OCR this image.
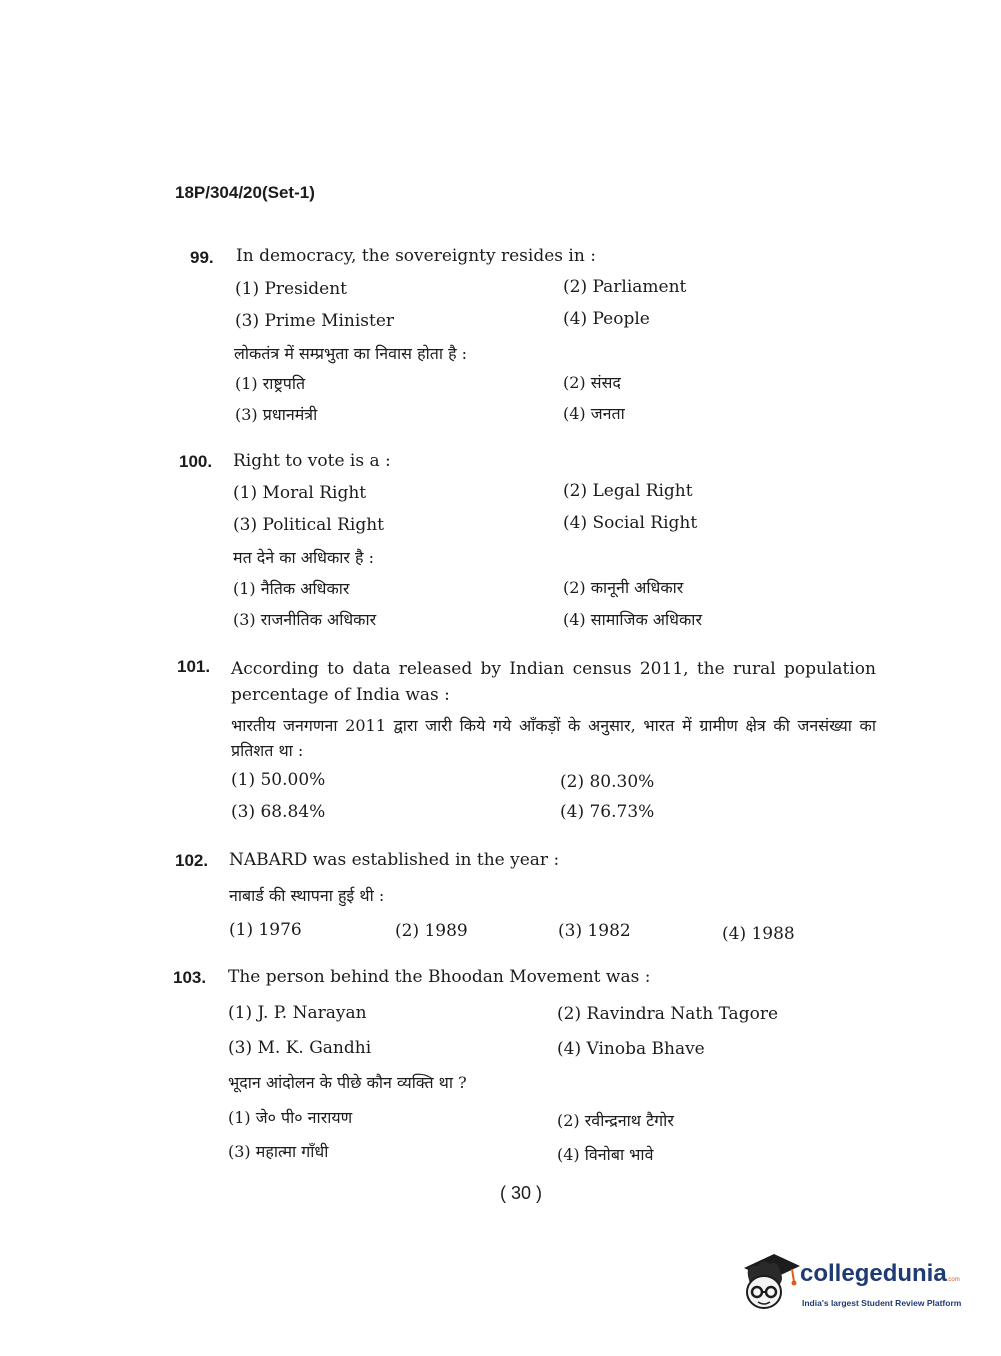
18P/304/20(Set-1)
99. In democracy, the sovereignty resides in :
(1) President	(2) Parliament
(3) Prime Minister	(4) People
लोकतंत्र में सम्प्रभुता का निवास होता है :
(1) राष्ट्रपति	(2) संसद
(3) प्रधानमंत्री	(4) जनता
100. Right to vote is a :
(1) Moral Right	(2) Legal Right
(3) Political Right	(4) Social Right
मत देने का अधिकार है :
(1) नैतिक अधिकार	(2) कानूनी अधिकार
(3) राजनीतिक अधिकार	(4) सामाजिक अधिकार
101. According to data released by Indian census 2011, the rural population percentage of India was :
भारतीय जनगणना 2011 द्वारा जारी किये गये आँकड़ों के अनुसार, भारत में ग्रामीण क्षेत्र की जनसंख्या का प्रतिशत था :
(1) 50.00%	(2) 80.30%
(3) 68.84%	(4) 76.73%
102. NABARD was established in the year :
नाबार्ड की स्थापना हुई थी :
(1) 1976	(2) 1989	(3) 1982	(4) 1988
103. The person behind the Bhoodan Movement was :
(1) J. P. Narayan	(2) Ravindra Nath Tagore
(3) M. K. Gandhi	(4) Vinoba Bhave
भूदान आंदोलन के पीछे कौन व्यक्ति था ?
(1) जे० पी० नारायण	(2) रवीन्द्रनाथ टैगोर
(3) महात्मा गाँधी	(4) विनोबा भावे
( 30 )
collegedunia.com
India's largest Student Review Platform
